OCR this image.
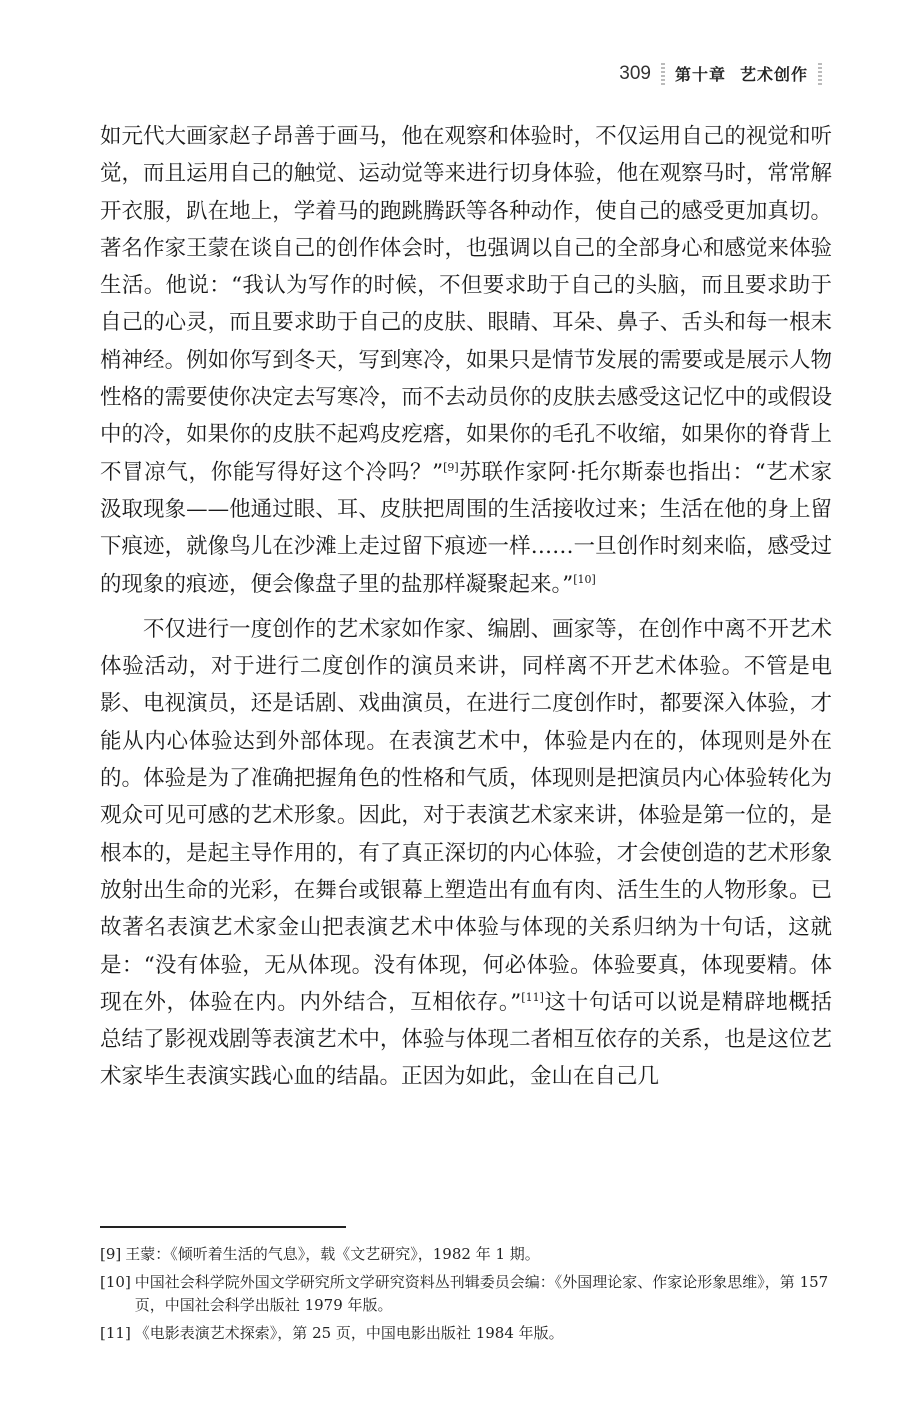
309 第十章 艺术创作

如元代大画家赵子昂善于画马，他在观察和体验时，不仅运用自己的视觉和听觉，而且运用自己的触觉、运动觉等来进行切身体验，他在观察马时，常常解开衣服，趴在地上，学着马的跑跳腾跃等各种动作，使自己的感受更加真切。著名作家王蒙在谈自己的创作体会时，也强调以自己的全部身心和感觉来体验生活。他说：“我认为写作的时候，不但要求助于自己的头脑，而且要求助于自己的心灵，而且要求助于自己的皮肤、眼睛、耳朵、鼻子、舌头和每一根末梢神经。例如你写到冬天，写到寒冷，如果只是情节发展的需要或是展示人物性格的需要使你决定去写寒冷，而不去动员你的皮肤去感受这记忆中的或假设中的冷，如果你的皮肤不起鸡皮疙瘩，如果你的毛孔不收缩，如果你的脊背上不冒凉气，你能写得好这个冷吗？”[9]苏联作家阿·托尔斯泰也指出：“艺术家汲取现象——他通过眼、耳、皮肤把周围的生活接收过来；生活在他的身上留下痕迹，就像鸟儿在沙滩上走过留下痕迹一样……一旦创作时刻来临，感受过的现象的痕迹，便会像盘子里的盐那样凝聚起来。”[10]

不仅进行一度创作的艺术家如作家、编剧、画家等，在创作中离不开艺术体验活动，对于进行二度创作的演员来讲，同样离不开艺术体验。不管是电影、电视演员，还是话剧、戏曲演员，在进行二度创作时，都要深入体验，才能从内心体验达到外部体现。在表演艺术中，体验是内在的，体现则是外在的。体验是为了准确把握角色的性格和气质，体现则是把演员内心体验转化为观众可见可感的艺术形象。因此，对于表演艺术家来讲，体验是第一位的，是根本的，是起主导作用的，有了真正深切的内心体验，才会使创造的艺术形象放射出生命的光彩，在舞台或银幕上塑造出有血有肉、活生生的人物形象。已故著名表演艺术家金山把表演艺术中体验与体现的关系归纳为十句话，这就是：“没有体验，无从体现。没有体现，何必体验。体验要真，体现要精。体现在外，体验在内。内外结合，互相依存。”[11]这十句话可以说是精辟地概括总结了影视戏剧等表演艺术中，体验与体现二者相互依存的关系，也是这位艺术家毕生表演实践心血的结晶。正因为如此，金山在自己几

[9] 王蒙：《倾听着生活的气息》，载《文艺研究》，1982 年 1 期。
[10] 中国社会科学院外国文学研究所文学研究资料丛刊辑委员会编：《外国理论家、作家论形象思维》，第 157 页，中国社会科学出版社 1979 年版。
[11] 《电影表演艺术探索》，第 25 页，中国电影出版社 1984 年版。
